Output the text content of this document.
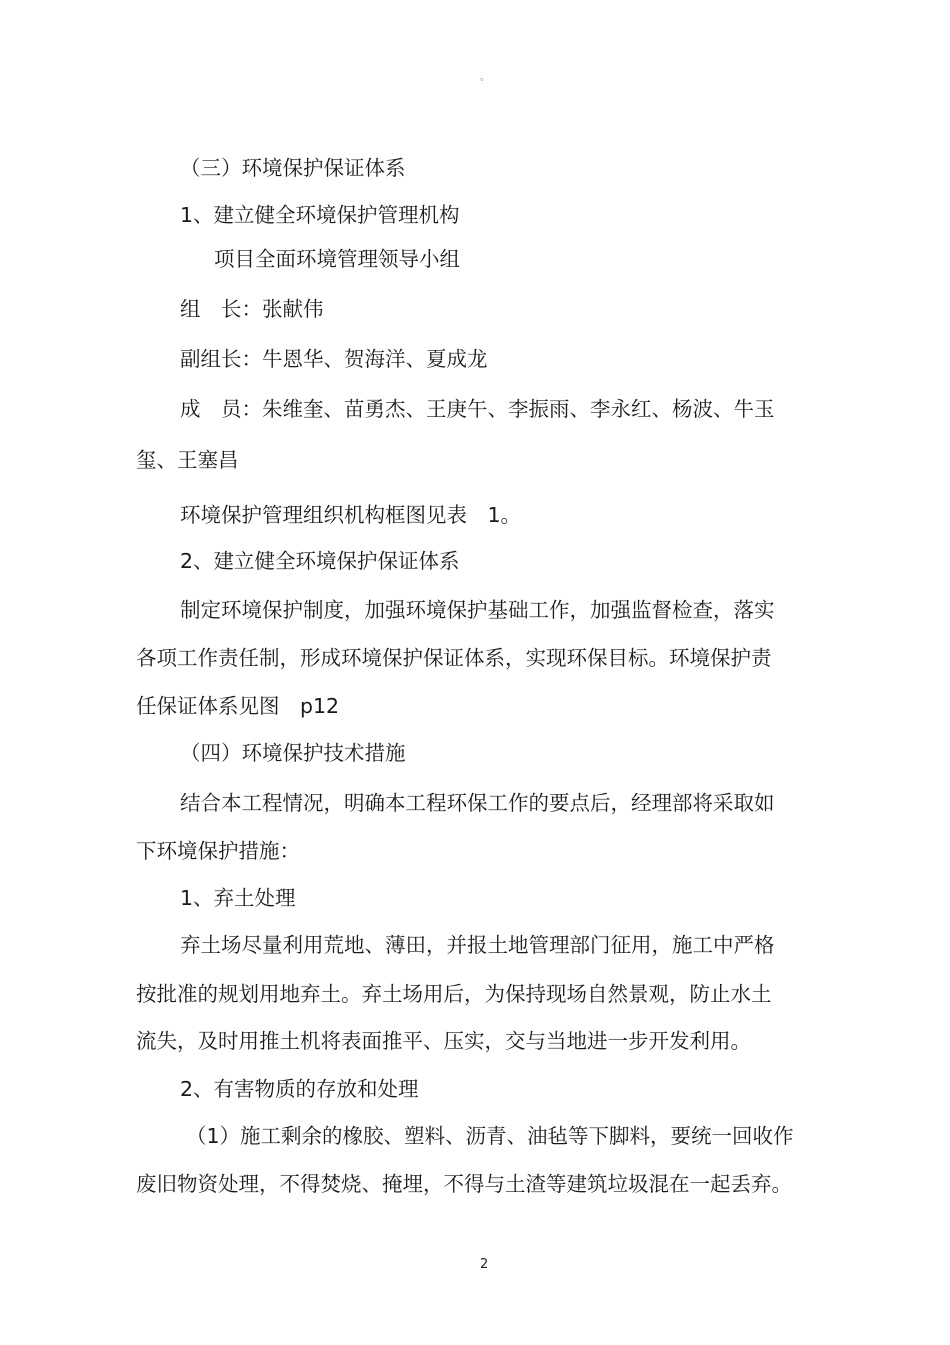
。
（三）环境保护保证体系
1、建立健全环境保护管理机构
项目全面环境管理领导小组
组　长：张献伟
副组长：牛恩华、贺海洋、夏成龙
成　员：朱维奎、苗勇杰、王庚午、李振雨、李永红、杨波、牛玉
玺、王塞昌
环境保护管理组织机构框图见表　1。
2、建立健全环境保护保证体系
制定环境保护制度，加强环境保护基础工作，加强监督检查，落实
各项工作责任制，形成环境保护保证体系，实现环保目标。环境保护责
任保证体系见图　p12
（四）环境保护技术措施
结合本工程情况，明确本工程环保工作的要点后，经理部将采取如
下环境保护措施：
1、弃土处理
弃土场尽量利用荒地、薄田，并报土地管理部门征用，施工中严格
按批准的规划用地弃土。弃土场用后，为保持现场自然景观，防止水土
流失，及时用推土机将表面推平、压实，交与当地进一步开发利用。
2、有害物质的存放和处理
（1）施工剩余的橡胶、塑料、沥青、油毡等下脚料，要统一回收作
废旧物资处理，不得焚烧、掩埋，不得与土渣等建筑垃圾混在一起丢弃。
2
